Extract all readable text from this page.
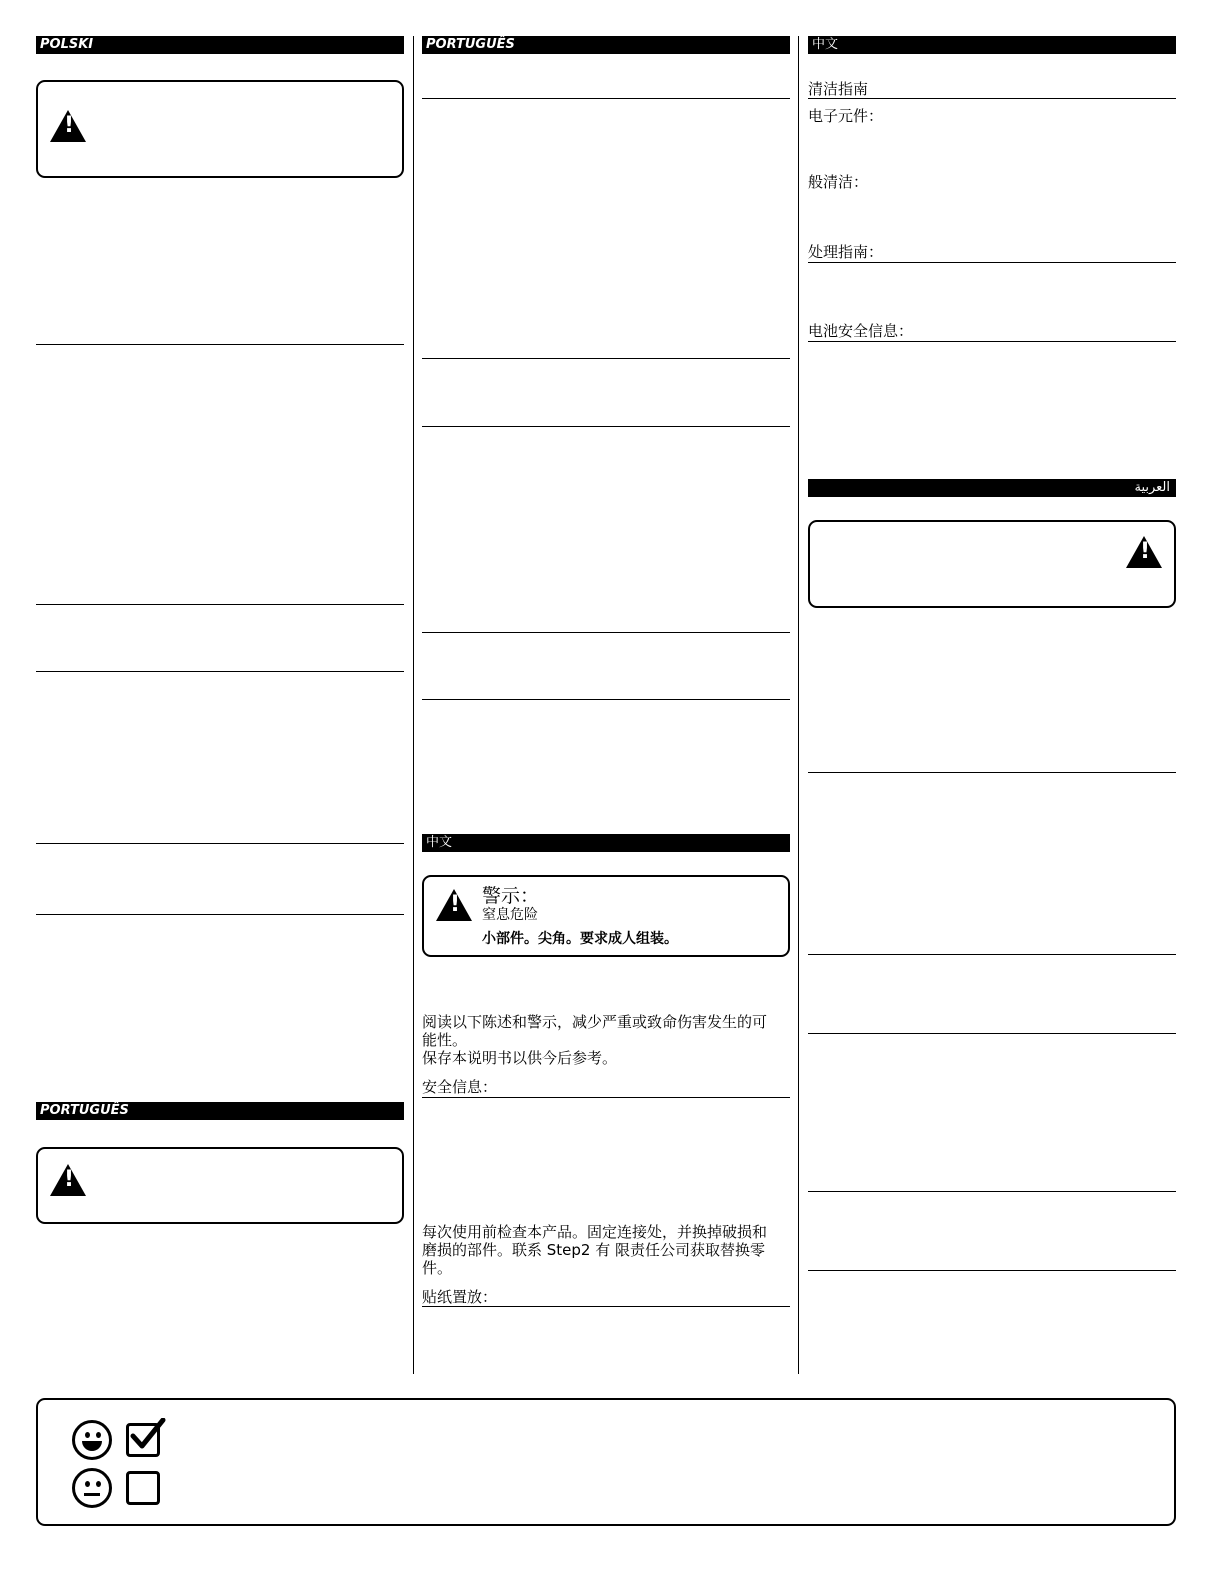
POLSKI
!
PORTUGUÊS
!
PORTUGUÊS
中文
!
警示：
窒息危险
小部件。尖角。要求成人组装。
阅读以下陈述和警示，减少严重或致命伤害发生的可能性。
保存本说明书以供今后参考。
安全信息：
每次使用前检查本产品。固定连接处，并换掉破损和磨损的部件。联系 Step2 有 限责任公司获取替换零件。
贴纸置放：
中文
清洁指南
电子元件：
般清洁：
处理指南：
电池安全信息：
العربية
!
